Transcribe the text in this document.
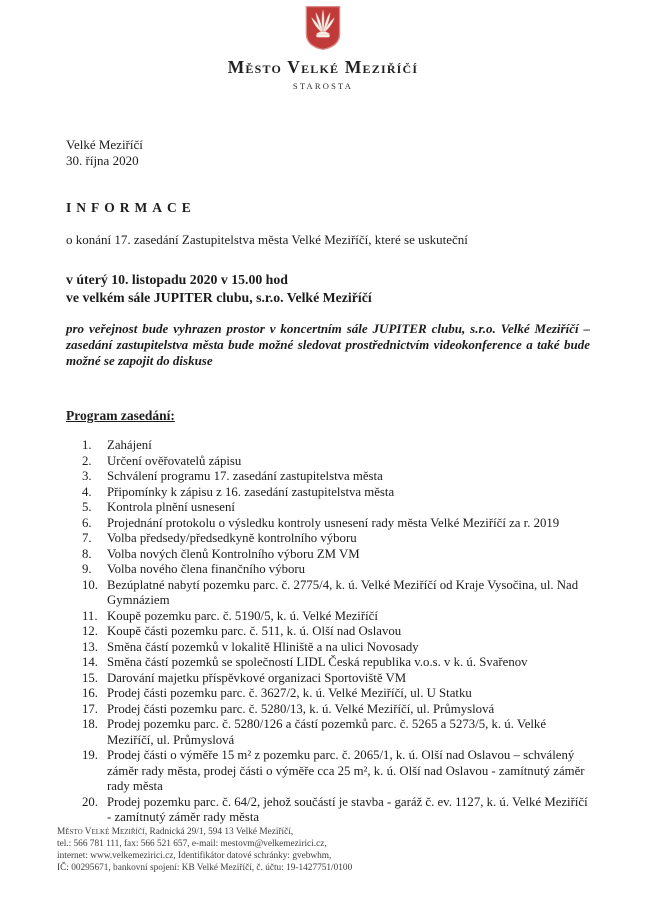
Město Velké Meziříčí
STAROSTA
Velké Meziříčí
30. října 2020
INFORMACE
o konání 17. zasedání Zastupitelstva města Velké Meziříčí, které se uskuteční
v úterý 10. listopadu 2020 v 15.00 hod
ve velkém sále JUPITER clubu, s.r.o. Velké Meziříčí
pro veřejnost bude vyhrazen prostor v koncertním sále JUPITER clubu, s.r.o. Velké Meziříčí – zasedání zastupitelstva města bude možné sledovat prostřednictvím videokonference a také bude možné se zapojit do diskuse
Program zasedání:
1.	Zahájení
2.	Určení ověřovatelů zápisu
3.	Schválení programu 17. zasedání zastupitelstva města
4.	Připomínky k zápisu z 16. zasedání zastupitelstva města
5.	Kontrola plnění usnesení
6.	Projednání protokolu o výsledku kontroly usnesení rady města Velké Meziříčí za r. 2019
7.	Volba předsedy/předsedkyně kontrolního výboru
8.	Volba nových členů Kontrolního výboru ZM VM
9.	Volba nového člena finančního výboru
10. Bezúplatné nabytí pozemku parc. č. 2775/4, k. ú. Velké Meziříčí od Kraje Vysočina, ul. Nad Gymnáziem
11. Koupě pozemku parc. č. 5190/5, k. ú. Velké Meziříčí
12. Koupě části pozemku parc. č. 511, k. ú. Olší nad Oslavou
13. Směna částí pozemků v lokalitě Hliniště a na ulici Novosady
14. Směna částí pozemků se společností LIDL Česká republika v.o.s. v k. ú. Svařenov
15. Darování majetku příspěvkové organizaci Sportoviště VM
16. Prodej části pozemku parc. č. 3627/2, k. ú. Velké Meziříčí, ul. U Statku
17. Prodej části pozemku parc. č. 5280/13, k. ú. Velké Meziříčí, ul. Průmyslová
18. Prodej pozemku parc. č. 5280/126 a částí pozemků parc. č. 5265 a 5273/5, k. ú. Velké Meziříčí, ul. Průmyslová
19. Prodej části o výměře 15 m² z pozemku parc. č. 2065/1, k. ú. Olší nad Oslavou – schválený záměr rady města, prodej části o výměře cca 25 m², k. ú. Olší nad Oslavou - zamítnutý záměr rady města
20. Prodej pozemku parc. č. 64/2, jehož součástí je stavba - garáž č. ev. 1127, k. ú. Velké Meziříčí - zamítnutý záměr rady města
Město Velké Meziříčí, Radnická 29/1, 594 13 Velké Meziříčí,
tel.: 566 781 111, fax: 566 521 657, e-mail: mestovm@velkemezirici.cz,
internet: www.velkemezirici.cz, Identifikátor datové schránky: gvebwhm,
IČ: 00295671, bankovní spojení: KB Velké Meziříčí, č. účtu: 19-1427751/0100
